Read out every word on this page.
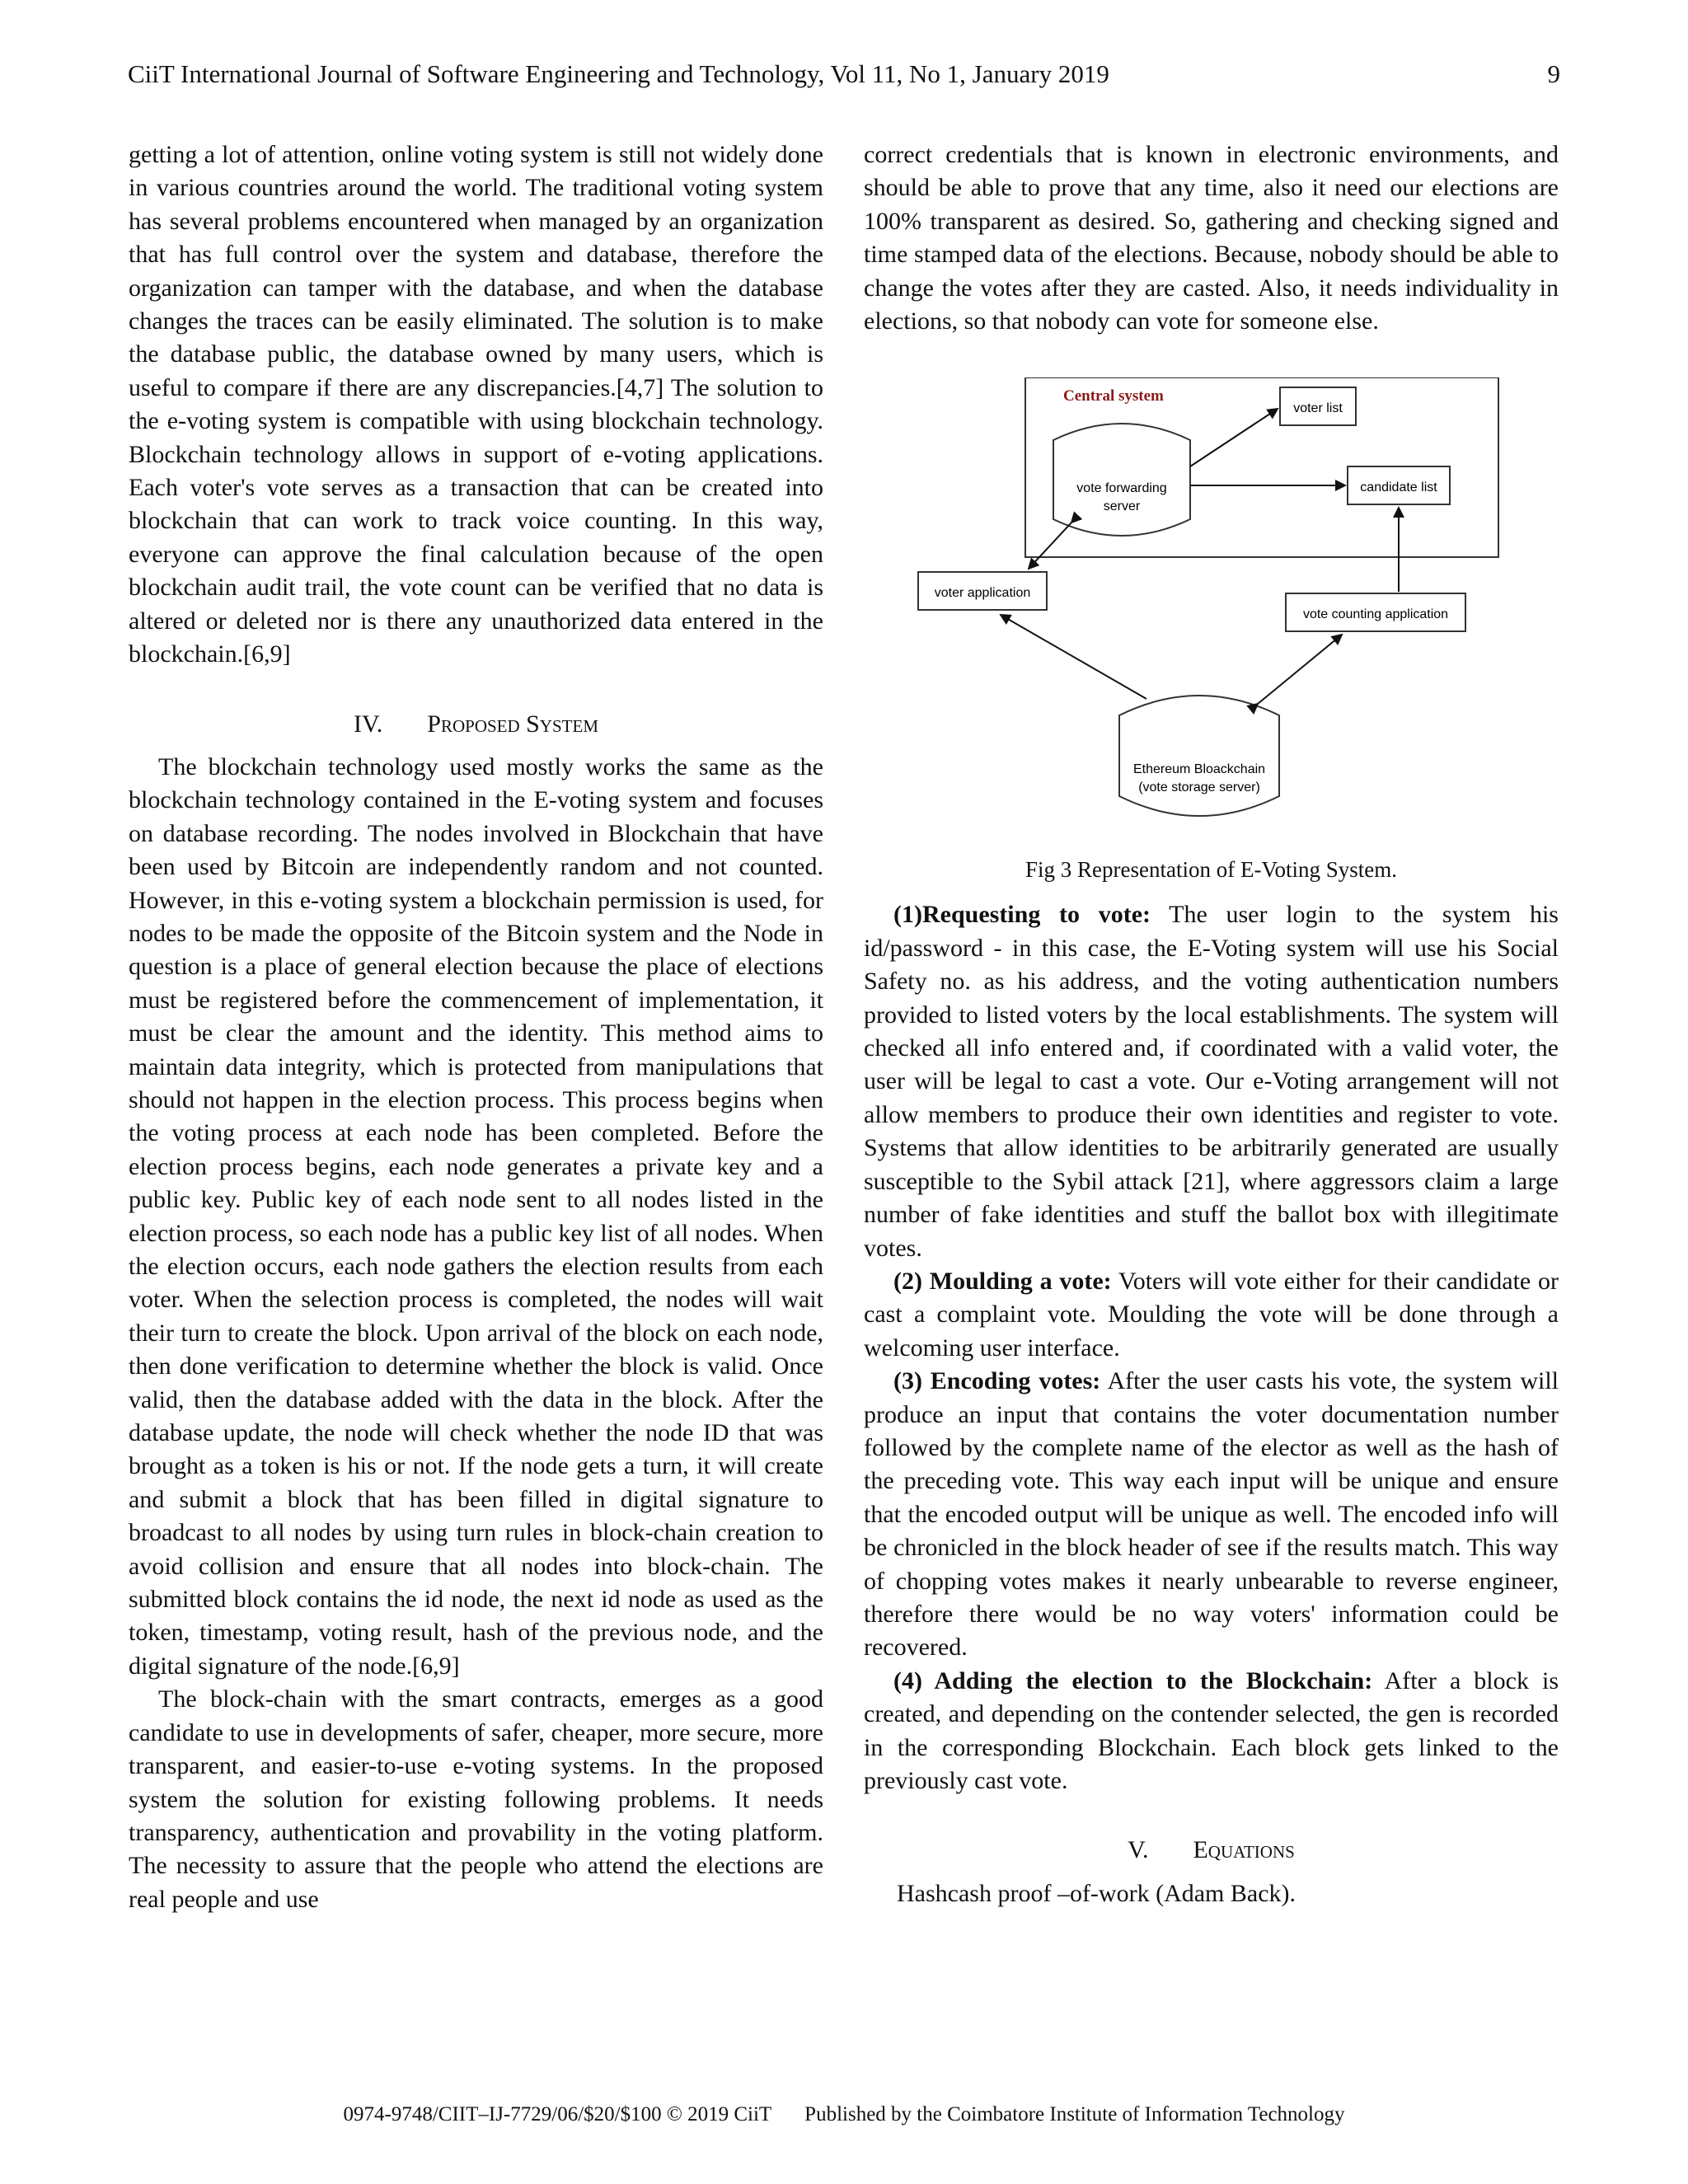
CiiT International Journal of Software Engineering and Technology, Vol 11, No 1, January 2019	9

getting a lot of attention, online voting system is still not widely done in various countries around the world. The traditional voting system has several problems encountered when managed by an organization that has full control over the system and database, therefore the organization can tamper with the database, and when the database changes the traces can be easily eliminated. The solution is to make the database public, the database owned by many users, which is useful to compare if there are any discrepancies.[4,7] The solution to the e-voting system is compatible with using blockchain technology. Blockchain technology allows in support of e-voting applications. Each voter's vote serves as a transaction that can be created into blockchain that can work to track voice counting. In this way, everyone can approve the final calculation because of the open blockchain audit trail, the vote count can be verified that no data is altered or deleted nor is there any unauthorized data entered in the blockchain.[6,9]

IV. Proposed System

The blockchain technology used mostly works the same as the blockchain technology contained in the E-voting system and focuses on database recording. The nodes involved in Blockchain that have been used by Bitcoin are independently random and not counted. However, in this e-voting system a blockchain permission is used, for nodes to be made the opposite of the Bitcoin system and the Node in question is a place of general election because the place of elections must be registered before the commencement of implementation, it must be clear the amount and the identity. This method aims to maintain data integrity, which is protected from manipulations that should not happen in the election process. This process begins when the voting process at each node has been completed. Before the election process begins, each node generates a private key and a public key. Public key of each node sent to all nodes listed in the election process, so each node has a public key list of all nodes. When the election occurs, each node gathers the election results from each voter. When the selection process is completed, the nodes will wait their turn to create the block. Upon arrival of the block on each node, then done verification to determine whether the block is valid. Once valid, then the database added with the data in the block. After the database update, the node will check whether the node ID that was brought as a token is his or not. If the node gets a turn, it will create and submit a block that has been filled in digital signature to broadcast to all nodes by using turn rules in block-chain creation to avoid collision and ensure that all nodes into block-chain. The submitted block contains the id node, the next id node as used as the token, timestamp, voting result, hash of the previous node, and the digital signature of the node.[6,9]

The block-chain with the smart contracts, emerges as a good candidate to use in developments of safer, cheaper, more secure, more transparent, and easier-to-use e-voting systems. In the proposed system the solution for existing following problems. It needs transparency, authentication and provability in the voting platform. The necessity to assure that the people who attend the elections are real people and use

correct credentials that is known in electronic environments, and should be able to prove that any time, also it need our elections are 100% transparent as desired. So, gathering and checking signed and time stamped data of the elections. Because, nobody should be able to change the votes after they are casted. Also, it needs individuality in elections, so that nobody can vote for someone else.

Central system
voter list
candidate list
vote forwarding
server
voter application
vote counting application
Ethereum Bloackchain
(vote storage server)
Fig 3 Representation of E-Voting System.

(1)Requesting to vote: The user login to the system his id/password - in this case, the E-Voting system will use his Social Safety no. as his address, and the voting authentication numbers provided to listed voters by the local establishments. The system will checked all info entered and, if coordinated with a valid voter, the user will be legal to cast a vote. Our e-Voting arrangement will not allow members to produce their own identities and register to vote. Systems that allow identities to be arbitrarily generated are usually susceptible to the Sybil attack [21], where aggressors claim a large number of fake identities and stuff the ballot box with illegitimate votes.

(2) Moulding a vote: Voters will vote either for their candidate or cast a complaint vote. Moulding the vote will be done through a welcoming user interface.

(3) Encoding votes: After the user casts his vote, the system will produce an input that contains the voter documentation number followed by the complete name of the elector as well as the hash of the preceding vote. This way each input will be unique and ensure that the encoded output will be unique as well. The encoded info will be chronicled in the block header of see if the results match. This way of chopping votes makes it nearly unbearable to reverse engineer, therefore there would be no way voters' information could be recovered.

(4) Adding the election to the Blockchain: After a block is created, and depending on the contender selected, the gen is recorded in the corresponding Blockchain. Each block gets linked to the previously cast vote.

V. Equations

Hashcash proof –of-work (Adam Back).

0974-9748/CIIT–IJ-7729/06/$20/$100 © 2019 CiiT Published by the Coimbatore Institute of Information Technology
